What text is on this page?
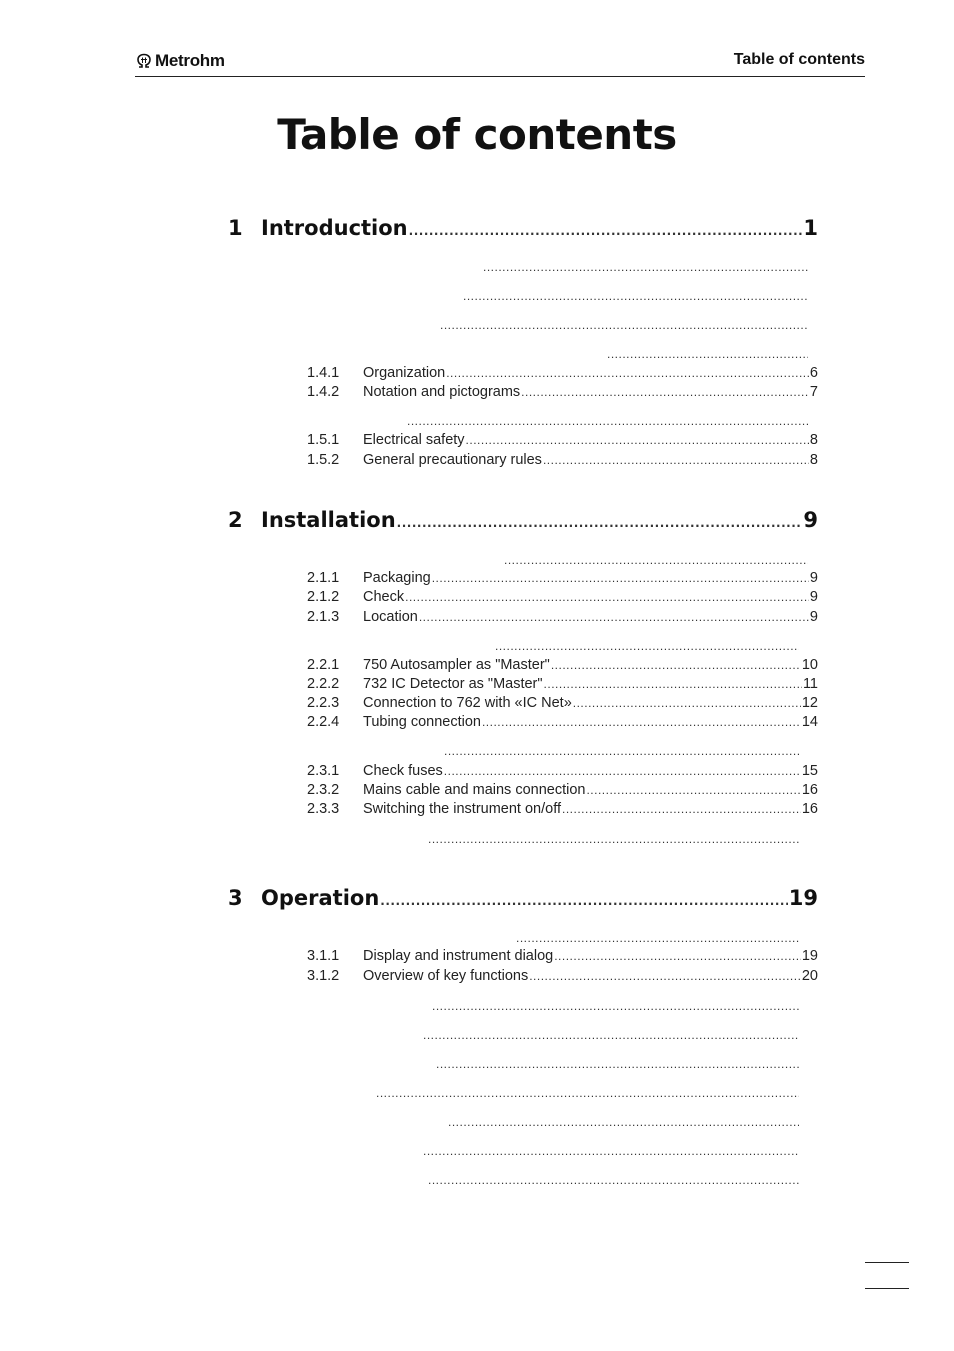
Metrohm	Table of contents
Table of contents
1 Introduction .....	1
.....
.....
.....
.....
1.4.1	Organization .....	6
1.4.2	Notation and pictograms .....	7
.....
1.5.1	Electrical safety .....	8
1.5.2	General precautionary rules .....	8
2 Installation .....	9
.....
2.1.1	Packaging .....	9
2.1.2	Check .....	9
2.1.3	Location .....	9
.....
2.2.1	750 Autosampler as "Master" .....	10
2.2.2	732 IC Detector as "Master" .....	11
2.2.3	Connection to 762 with «IC Net» .....	12
2.2.4	Tubing connection .....	14
.....
2.3.1	Check fuses .....	15
2.3.2	Mains cable and mains connection .....	16
2.3.3	Switching the instrument on/off .....	16
.....
3 Operation .....	19
.....
3.1.1	Display and instrument dialog .....	19
3.1.2	Overview of key functions .....	20
.....
.....
.....
.....
.....
.....
.....
